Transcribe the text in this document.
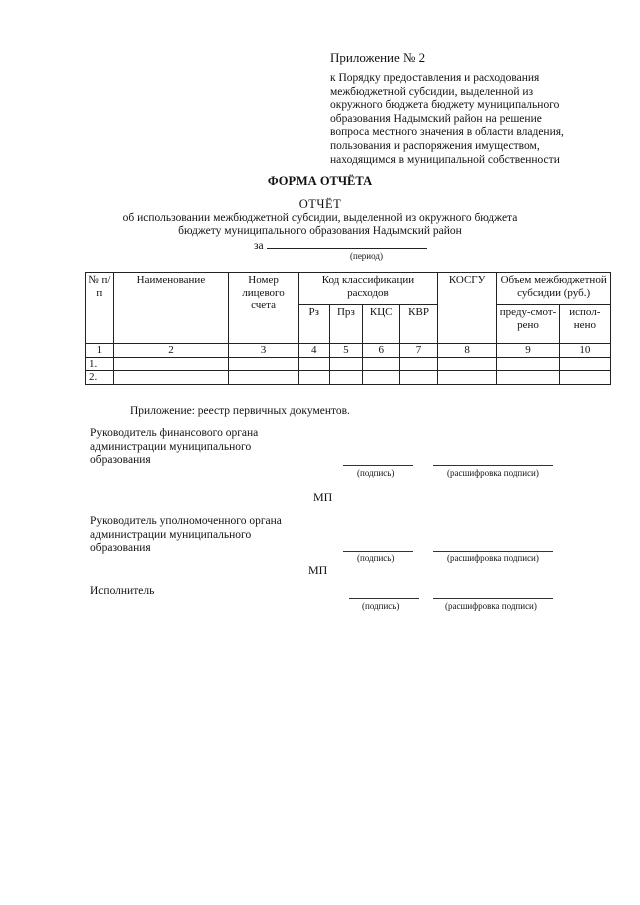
Приложение № 2
к Порядку предоставления и расходования
межбюджетной субсидии, выделенной из
окружного бюджета бюджету муниципального
образования Надымский район на решение
вопроса местного значения в области владения,
пользования и распоряжения имуществом,
находящимся в муниципальной собственности
ФОРМА ОТЧЁТА
ОТЧЁТ
об использовании межбюджетной субсидии, выделенной из окружного бюджета
бюджету муниципального образования Надымский район
за
(период)
№ п/п	Наименование	Номер лицевого счета	Код классификации расходов				КОСГУ	Объем межбюджетной субсидии (руб.)	
			Рз	Прз	КЦС	КВР		преду-смот-рено	испол-нено
1	2	3	4	5	6	7	8	9	10
1.									
2.									
Приложение: реестр первичных документов.
Руководитель финансового органа
администрации муниципального
образования
(подпись)	(расшифровка подписи)
МП
Руководитель уполномоченного органа
администрации муниципального
образования
(подпись)	(расшифровка подписи)
МП
Исполнитель
(подпись)	(расшифровка подписи)
